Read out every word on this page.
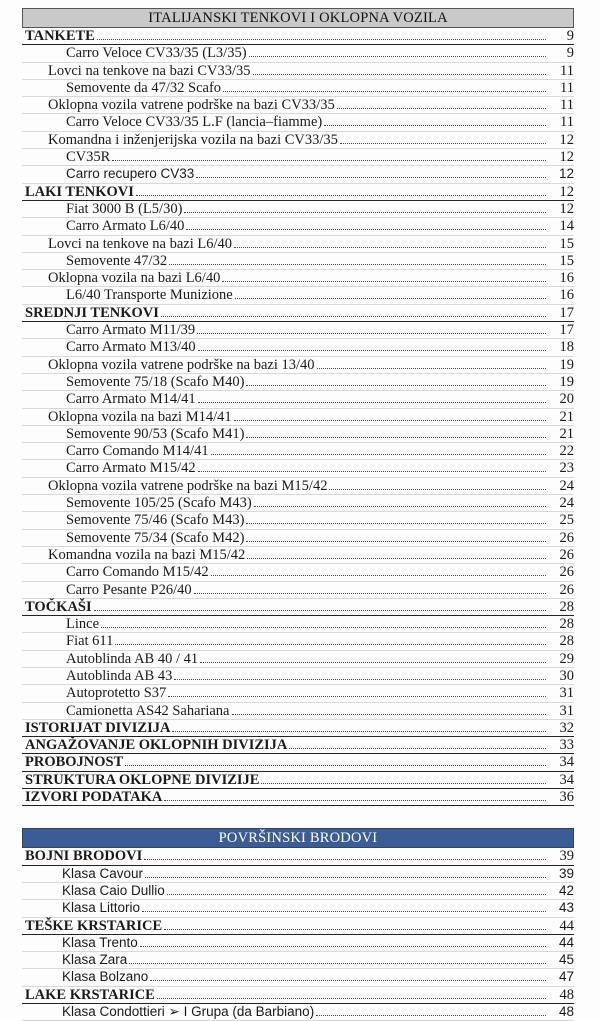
ITALIJANSKI TENKOVI I OKLOPNA VOZILA
TANKETE	9
Carro Veloce CV33/35 (L3/35)	9
Lovci na tenkove na bazi CV33/35	11
Semovente da 47/32 Scafo	11
Oklopna vozila vatrene podrške na bazi CV33/35	11
Carro Veloce CV33/35 L.F (lancia–fiamme)	11
Komandna i inženjerijska vozila na bazi CV33/35	12
CV35R	12
Carro recupero CV33	12
LAKI TENKOVI	12
Fiat 3000 B (L5/30)	12
Carro Armato L6/40	14
Lovci na tenkove na bazi L6/40	15
Semovente 47/32	15
Oklopna vozila na bazi L6/40	16
L6/40 Transporte Munizione	16
SREDNJI TENKOVI	17
Carro Armato M11/39	17
Carro Armato M13/40	18
Oklopna vozila vatrene podrške na bazi 13/40	19
Semovente 75/18 (Scafo M40)	19
Carro Armato M14/41	20
Oklopna vozila na bazi M14/41	21
Semovente 90/53 (Scafo M41)	21
Carro Comando M14/41	22
Carro Armato M15/42	23
Oklopna vozila vatrene podrške na bazi M15/42	24
Semovente 105/25 (Scafo M43)	24
Semovente 75/46 (Scafo M43)	25
Semovente 75/34 (Scafo M42)	26
Komandna vozila na bazi M15/42	26
Carro Comando M15/42	26
Carro Pesante P26/40	26
TOČKAŠI	28
Lince	28
Fiat 611	28
Autoblinda AB 40 / 41	29
Autoblinda AB 43	30
Autoprotetto S37	31
Camionetta AS42 Sahariana	31
ISTORIJAT DIVIZIJA	32
ANGAŽOVANJE OKLOPNIH DIVIZIJA	33
PROBOJNOST	34
STRUKTURA OKLOPNE DIVIZIJE	34
IZVORI PODATAKA	36
POVRŠINSKI BRODOVI
BOJNI BRODOVI	39
Klasa Cavour	39
Klasa Caio Dullio	42
Klasa Littorio	43
TEŠKE KRSTARICE	44
Klasa Trento	44
Klasa Zara	45
Klasa Bolzano	47
LAKE KRSTARICE	48
Klasa Condottieri ➢ I Grupa (da Barbiano)	48
